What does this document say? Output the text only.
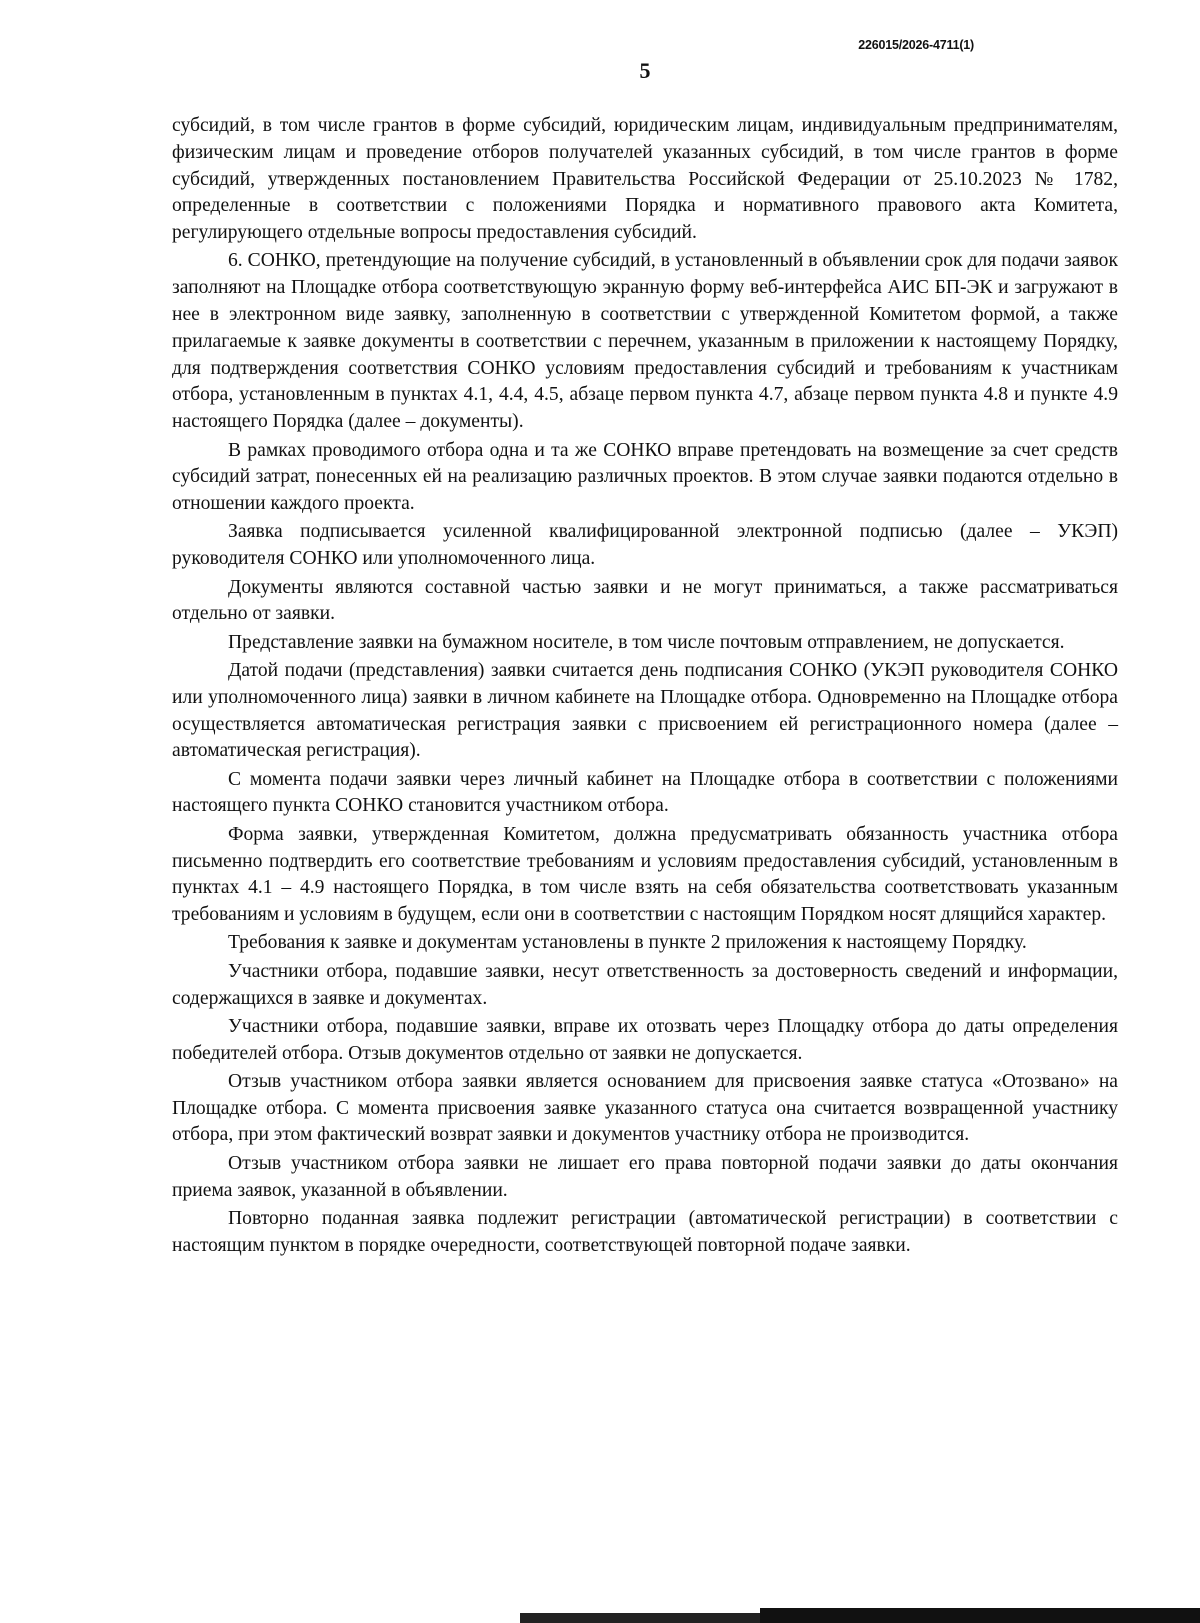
226015/2026-4711(1)
5

субсидий, в том числе грантов в форме субсидий, юридическим лицам, индивидуальным предпринимателям, физическим лицам и проведение отборов получателей указанных субсидий, в том числе грантов в форме субсидий, утвержденных постановлением Правительства Российской Федерации от 25.10.2023 № 1782, определенные в соответствии с положениями Порядка и нормативного правового акта Комитета, регулирующего отдельные вопросы предоставления субсидий.

6. СОНКО, претендующие на получение субсидий, в установленный в объявлении срок для подачи заявок заполняют на Площадке отбора соответствующую экранную форму веб-интерфейса АИС БП-ЭК и загружают в нее в электронном виде заявку, заполненную в соответствии с утвержденной Комитетом формой, а также прилагаемые к заявке документы в соответствии с перечнем, указанным в приложении к настоящему Порядку, для подтверждения соответствия СОНКО условиям предоставления субсидий и требованиям к участникам отбора, установленным в пунктах 4.1, 4.4, 4.5, абзаце первом пункта 4.7, абзаце первом пункта 4.8 и пункте 4.9 настоящего Порядка (далее – документы).

В рамках проводимого отбора одна и та же СОНКО вправе претендовать на возмещение за счет средств субсидий затрат, понесенных ей на реализацию различных проектов. В этом случае заявки подаются отдельно в отношении каждого проекта.

Заявка подписывается усиленной квалифицированной электронной подписью (далее – УКЭП) руководителя СОНКО или уполномоченного лица.

Документы являются составной частью заявки и не могут приниматься, а также рассматриваться отдельно от заявки.

Представление заявки на бумажном носителе, в том числе почтовым отправлением, не допускается.

Датой подачи (представления) заявки считается день подписания СОНКО (УКЭП руководителя СОНКО или уполномоченного лица) заявки в личном кабинете на Площадке отбора. Одновременно на Площадке отбора осуществляется автоматическая регистрация заявки с присвоением ей регистрационного номера (далее – автоматическая регистрация).

С момента подачи заявки через личный кабинет на Площадке отбора в соответствии с положениями настоящего пункта СОНКО становится участником отбора.

Форма заявки, утвержденная Комитетом, должна предусматривать обязанность участника отбора письменно подтвердить его соответствие требованиям и условиям предоставления субсидий, установленным в пунктах 4.1 – 4.9 настоящего Порядка, в том числе взять на себя обязательства соответствовать указанным требованиям и условиям в будущем, если они в соответствии с настоящим Порядком носят длящийся характер.

Требования к заявке и документам установлены в пункте 2 приложения к настоящему Порядку.

Участники отбора, подавшие заявки, несут ответственность за достоверность сведений и информации, содержащихся в заявке и документах.

Участники отбора, подавшие заявки, вправе их отозвать через Площадку отбора до даты определения победителей отбора. Отзыв документов отдельно от заявки не допускается.

Отзыв участником отбора заявки является основанием для присвоения заявке статуса «Отозвано» на Площадке отбора. С момента присвоения заявке указанного статуса она считается возвращенной участнику отбора, при этом фактический возврат заявки и документов участнику отбора не производится.

Отзыв участником отбора заявки не лишает его права повторной подачи заявки до даты окончания приема заявок, указанной в объявлении.

Повторно поданная заявка подлежит регистрации (автоматической регистрации) в соответствии с настоящим пунктом в порядке очередности, соответствующей повторной подаче заявки.
